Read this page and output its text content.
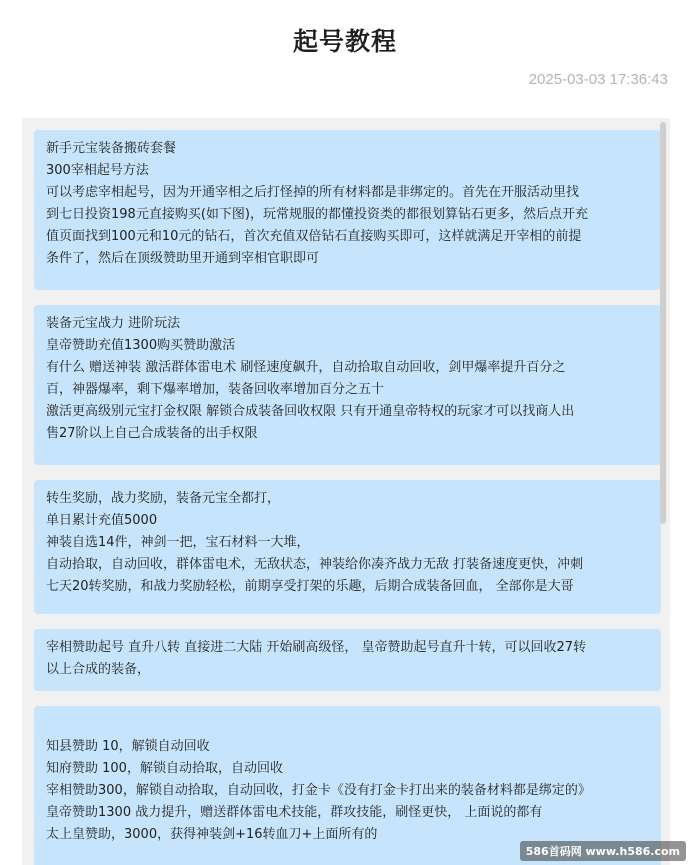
起号教程
2025-03-03 17:36:43
新手元宝装备搬砖套餐
300宰相起号方法
可以考虑宰相起号，因为开通宰相之后打怪掉的所有材料都是非绑定的。首先在开服活动里找
到七日投资198元直接购买(如下图)，玩常规服的都懂投资类的都很划算钻石更多，然后点开充
值页面找到100元和10元的钻石，首次充值双倍钻石直接购买即可，这样就满足开宰相的前提
条件了，然后在顶级赞助里开通到宰相官职即可
装备元宝战力 进阶玩法
皇帝赞助充值1300购买赞助激活
有什么 赠送神装 激活群体雷电术 刷怪速度飙升，自动拾取自动回收，剑甲爆率提升百分之
百，神器爆率，剩下爆率增加，装备回收率增加百分之五十
激活更高级别元宝打金权限 解锁合成装备回收权限 只有开通皇帝特权的玩家才可以找商人出
售27阶以上自己合成装备的出手权限
转生奖励，战力奖励，装备元宝全都打，
单日累计充值5000
神装自选14件，神剑一把，宝石材料一大堆，
自动拾取，自动回收，群体雷电术，无敌状态，神装给你凑齐战力无敌 打装备速度更快，冲刺
七天20转奖励，和战力奖励轻松，前期享受打架的乐趣，后期合成装备回血， 全部你是大哥
宰相赞助起号 直升八转 直接进二大陆 开始刷高级怪， 皇帝赞助起号直升十转，可以回收27转
以上合成的装备，
知县赞助 10，解锁自动回收
知府赞助 100，解锁自动拾取，自动回收
宰相赞助300，解锁自动拾取，自动回收，打金卡《没有打金卡打出来的装备材料都是绑定的》
皇帝赞助1300 战力提升，赠送群体雷电术技能，群攻技能，刷怪更快， 上面说的都有
太上皇赞助，3000，获得神装剑+16转血刀+上面所有的
586首码网 www.h586.com
